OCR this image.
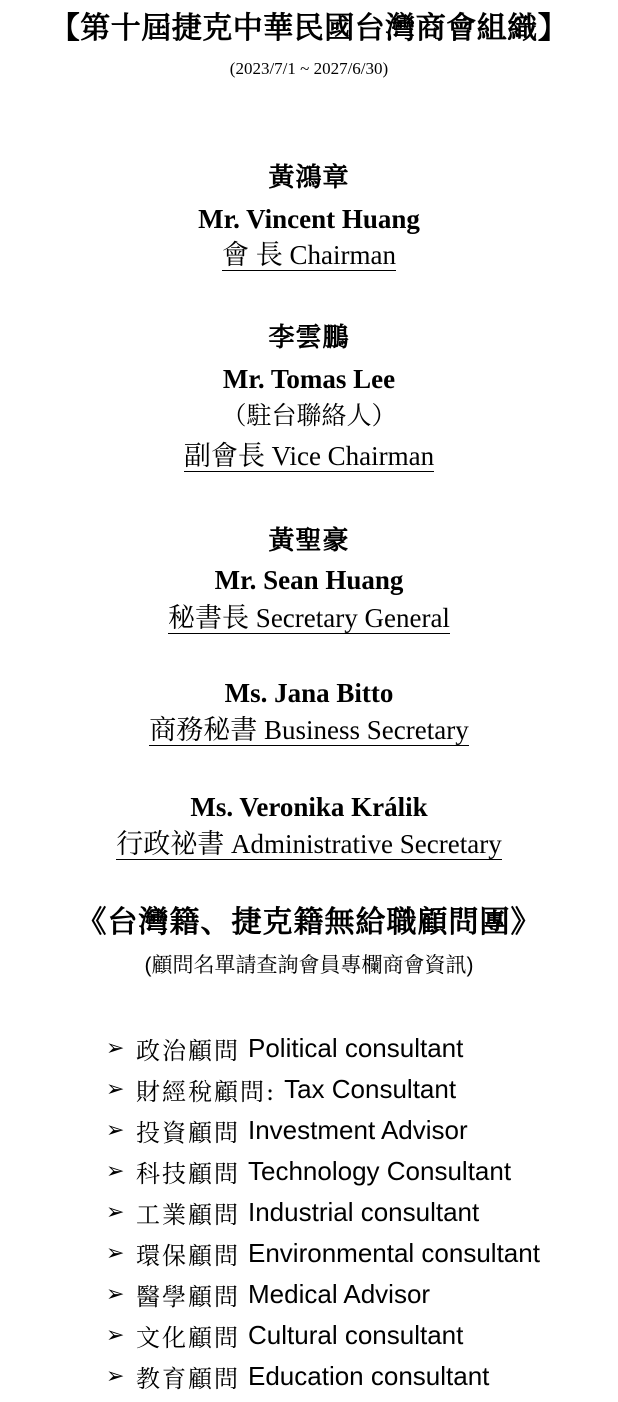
【第十屆捷克中華民國台灣商會組織】
(2023/7/1 ~ 2027/6/30)
黃鴻章
Mr. Vincent Huang
會 長 Chairman
李雲鵬
Mr. Tomas Lee
（駐台聯絡人）
副會長 Vice Chairman
黃聖豪
Mr. Sean Huang
秘書長 Secretary General
Ms. Jana Bitto
商務秘書 Business Secretary
Ms. Veronika Králik
行政祕書 Administrative Secretary
《台灣籍、捷克籍無給職顧問團》
(顧問名單請查詢會員專欄商會資訊)
➢ 政治顧問 Political consultant
➢ 財經稅顧問: Tax Consultant
➢ 投資顧問 Investment Advisor
➢ 科技顧問 Technology Consultant
➢ 工業顧問 Industrial consultant
➢ 環保顧問 Environmental consultant
➢ 醫學顧問 Medical Advisor
➢ 文化顧問 Cultural consultant
➢ 教育顧問 Education consultant
